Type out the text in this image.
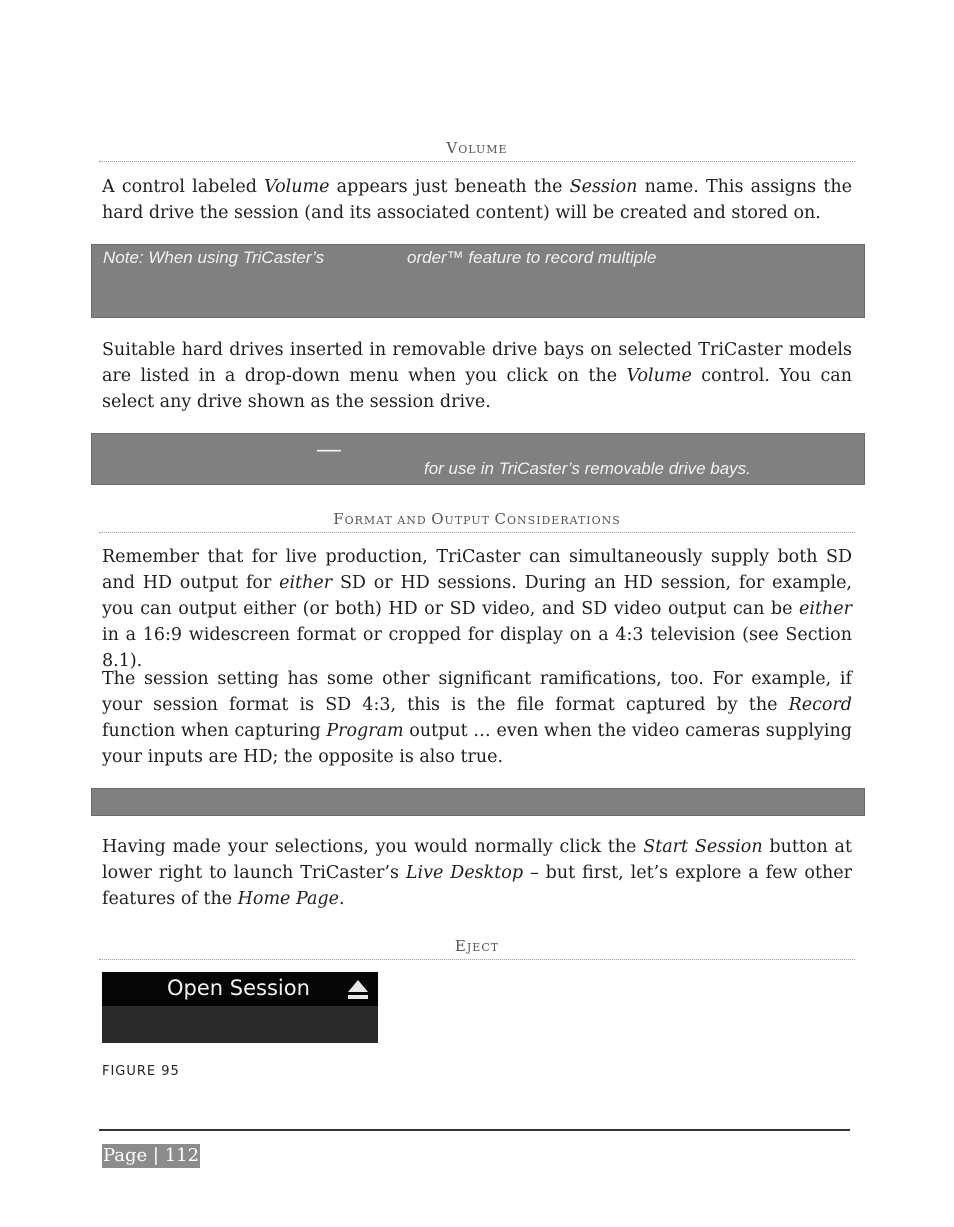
VOLUME

A control labeled Volume appears just beneath the Session name. This assigns the hard drive the session (and its associated content) will be created and stored on.

Note: When using TriCaster’s	order™ feature to record multiple

Suitable hard drives inserted in removable drive bays on selected TriCaster models are listed in a drop-down menu when you click on the Volume control. You can select any drive shown as the session drive.

—
for use in TriCaster’s removable drive bays.
FORMAT AND OUTPUT CONSIDERATIONS

Remember that for live production, TriCaster can simultaneously supply both SD and HD output for either SD or HD sessions. During an HD session, for example, you can output either (or both) HD or SD video, and SD video output can be either in a 16:9 widescreen format or cropped for display on a 4:3 television (see Section 8.1).

The session setting has some other significant ramifications, too. For example, if your session format is SD 4:3, this is the file format captured by the Record function when capturing Program output … even when the video cameras supplying your inputs are HD; the opposite is also true.

Having made your selections, you would normally click the Start Session button at lower right to launch TriCaster’s Live Desktop – but first, let’s explore a few other features of the Home Page.

EJECT
Open Session
FIGURE 95
Page | 112
